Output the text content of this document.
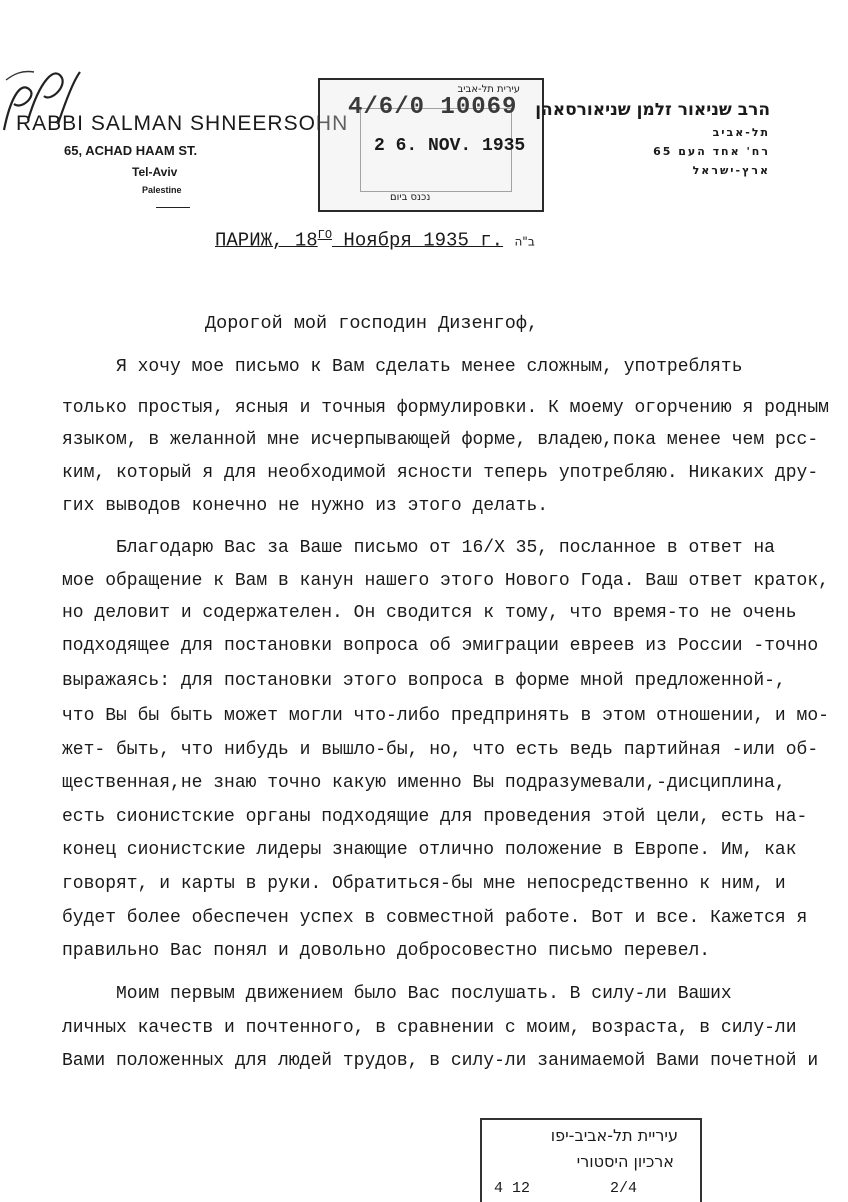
RABBI SALMAN SHNEERSOHN
65, ACHAD HAAM ST.
Tel-Aviv
Palestine
עירית תל-אביב
4/6/0 10069
2 6. NOV. 1935
נכנס ביום
הרב שניאור זלמן שניאורסאהן
תל-אביב
רח' אחד העם 65
ארץ-ישראל
ПАРИЖ, $18^{ГО}$ Ноября 1935 г. ב"ה
Дорогой мой господин Дизенгоф,
Я хочу мое письмо к Вам сделать менее сложным, употреблять
только простыя, ясныя и точныя формулировки. К моему огорчению я родным
языком, в желанной мне исчерпывающей форме, владею,пока менее чем рсс-
ким, который я для необходимой ясности теперь употребляю. Никаких дру-
гих выводов конечно не нужно из этого делать.
Благодарю Вас за Ваше письмо от 16/Х 35, посланное в ответ на
мое обращение к Вам в канун нашего этого Нового Года. Ваш ответ краток,
но деловит и содержателен. Он сводится к тому, что время-то не очень
подходящее для постановки вопроса об эмиграции евреев из России -точно
выражаясь: для постановки этого вопроса в форме мной предложенной-,
что Вы бы быть может могли что-либо предпринять в этом отношении, и мо-
жет- быть, что нибудь и вышло-бы, но, что есть ведь партийная -или об-
щественная,не знаю точно какую именно Вы подразумевали,-дисциплина,
есть сионистские органы подходящие для проведения этой цели, есть на-
конец сионистские лидеры знающие отлично положение в Европе. Им, как
говорят, и карты в руки. Обратиться-бы мне непосредственно к ним, и
будет более обеспечен успех в совместной работе. Вот и все. Кажется я
правильно Вас понял и довольно добросовестно письмо перевел.
Моим первым движением было Вас послушать. В силу-ли Ваших
личных качеств и почтенного, в сравнении с моим, возраста, в силу-ли
Вами положенных для людей трудов, в силу-ли занимаемой Вами почетной и
עיריית תל-אביב-יפו
ארכיון היסטורי
4 12	2/4
